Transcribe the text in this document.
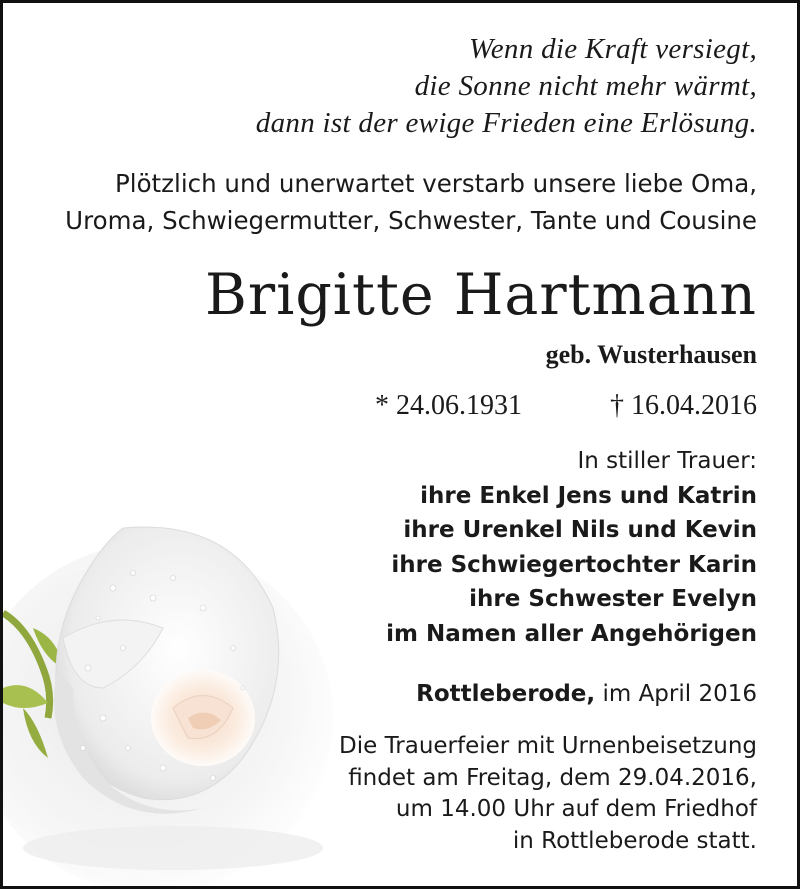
Wenn die Kraft versiegt,
die Sonne nicht mehr wärmt,
dann ist der ewige Frieden eine Erlösung.
Plötzlich und unerwartet verstarb unsere liebe Oma,
Uroma, Schwiegermutter, Schwester, Tante und Cousine
Brigitte Hartmann
geb. Wusterhausen
* 24.06.1931	† 16.04.2016
In stiller Trauer:
ihre Enkel Jens und Katrin
ihre Urenkel Nils und Kevin
ihre Schwiegertochter Karin
ihre Schwester Evelyn
im Namen aller Angehörigen
Rottleberode, im April 2016
Die Trauerfeier mit Urnenbeisetzung
findet am Freitag, dem 29.04.2016,
um 14.00 Uhr auf dem Friedhof
in Rottleberode statt.
